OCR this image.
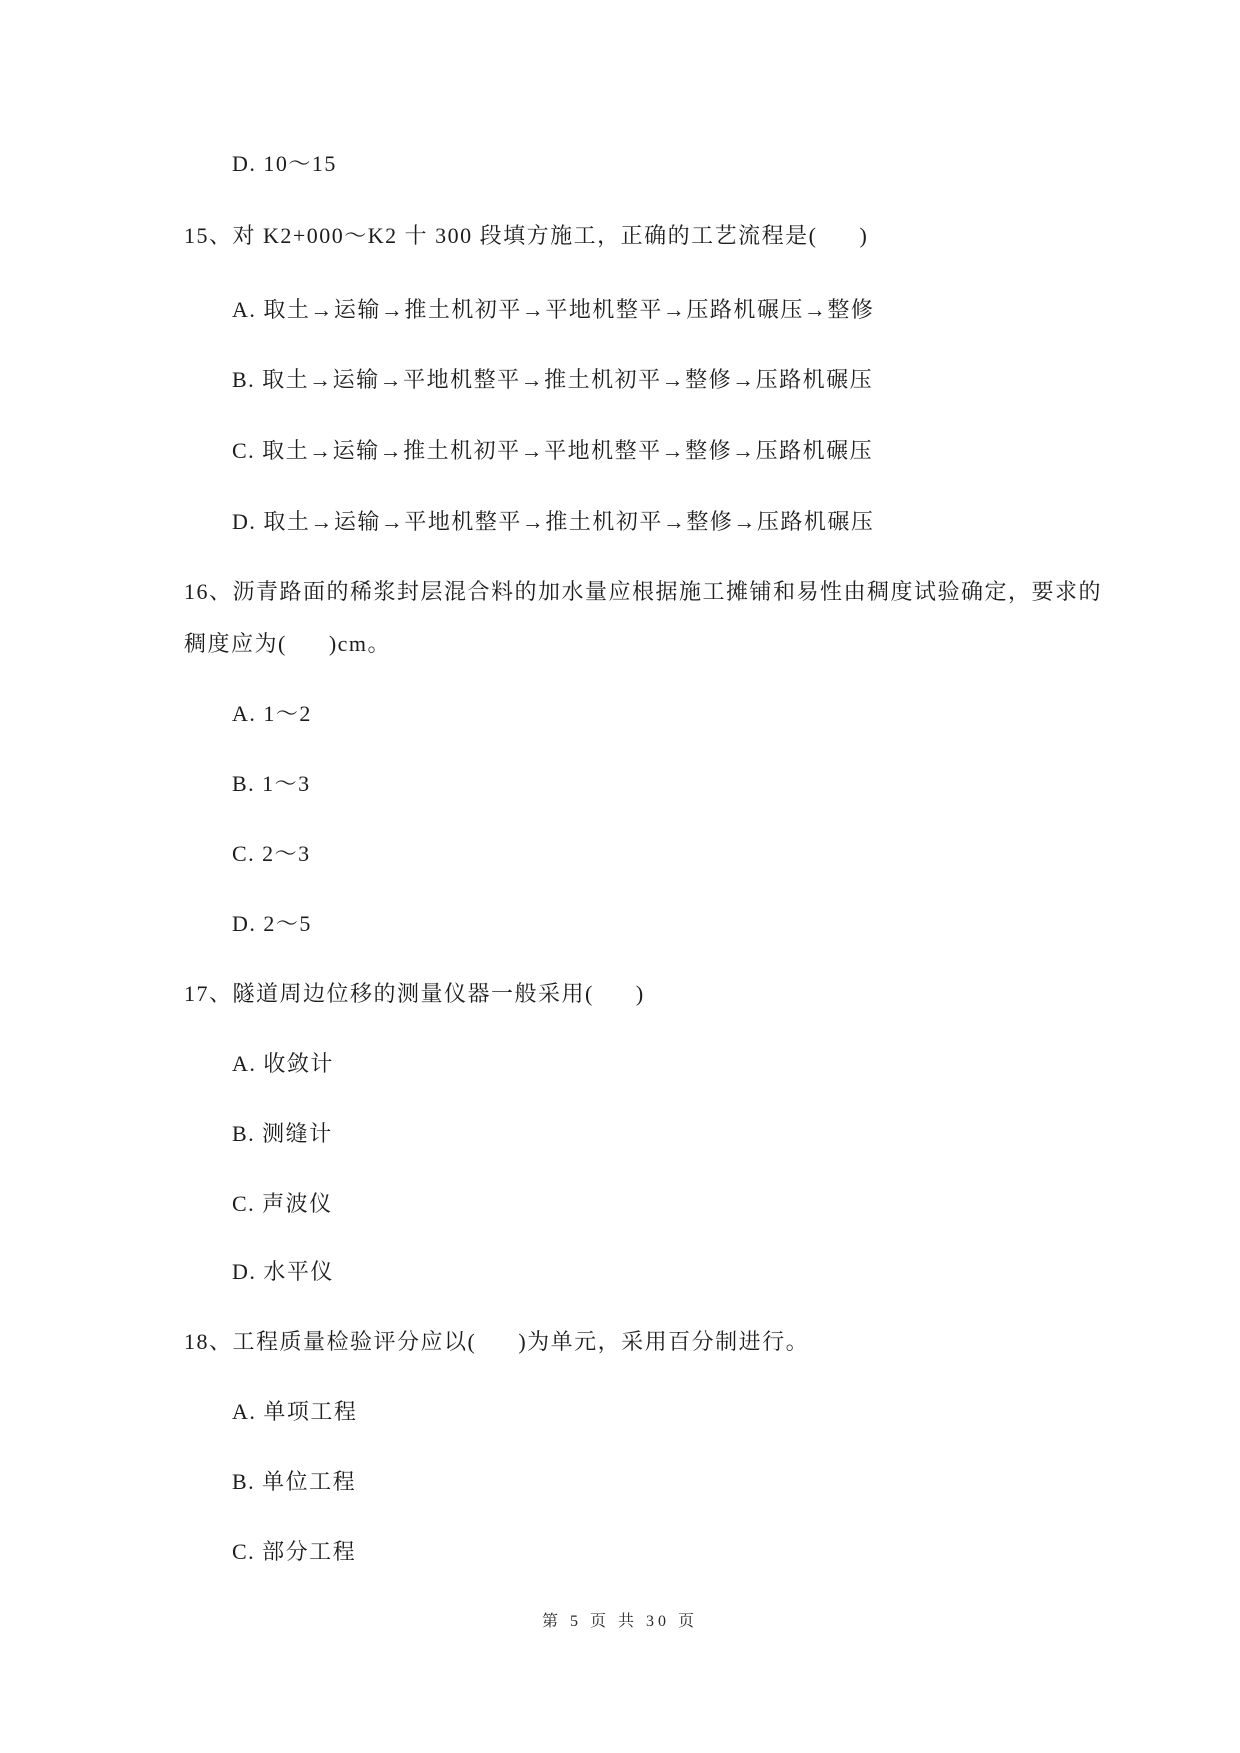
D. 10～15
15、对 K2+000～K2 十 300 段填方施工，正确的工艺流程是(      )
A. 取土→运输→推土机初平→平地机整平→压路机碾压→整修
B. 取土→运输→平地机整平→推土机初平→整修→压路机碾压
C. 取土→运输→推土机初平→平地机整平→整修→压路机碾压
D. 取土→运输→平地机整平→推土机初平→整修→压路机碾压
16、沥青路面的稀浆封层混合料的加水量应根据施工摊铺和易性由稠度试验确定，要求的
稠度应为(      )cm。
A. 1～2
B. 1～3
C. 2～3
D. 2～5
17、隧道周边位移的测量仪器一般采用(      )
A. 收敛计
B. 测缝计
C. 声波仪
D. 水平仪
18、工程质量检验评分应以(      )为单元，采用百分制进行。
A. 单项工程
B. 单位工程
C. 部分工程
第 5 页 共 30 页
